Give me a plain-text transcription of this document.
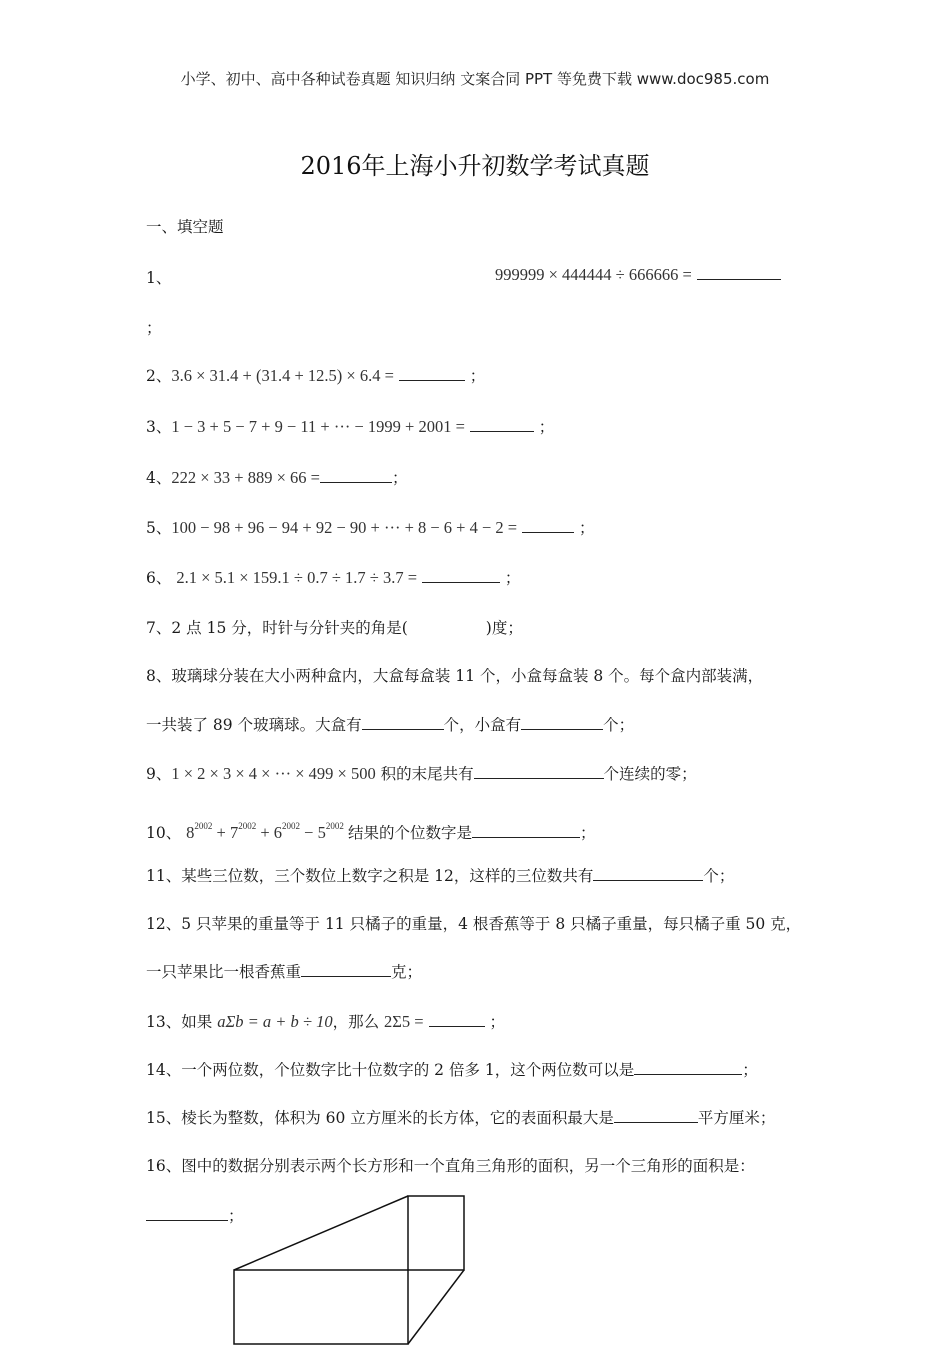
小学、初中、高中各种试卷真题 知识归纳 文案合同 PPT 等免费下载 www.doc985.com
2016年上海小升初数学考试真题
一、填空题
1、	999999 × 444444 ÷ 666666 =
；
2、3.6 × 31.4 + (31.4 + 12.5) × 6.4 =	；
3、1 − 3 + 5 − 7 + 9 − 11 + ··· − 1999 + 2001 =	；
4、222 × 33 + 889 × 66 =	；
5、100 − 98 + 96 − 94 + 92 − 90 + ··· + 8 − 6 + 4 − 2 =	；
6、 2.1 × 5.1 × 159.1 ÷ 0.7 ÷ 1.7 ÷ 3.7 =	；
7、2 点 15 分，时针与分针夹的角是(	)度；
8、玻璃球分装在大小两种盒内，大盒每盒装 11 个，小盒每盒装 8 个。每个盒内部装满，
一共装了 89 个玻璃球。大盒有	个，小盒有	个；
9、1 × 2 × 3 × 4 × ··· × 499 × 500 积的末尾共有	个连续的零；
10、 $8^{2002} + 7^{2002} + 6^{2002} - 5^{2002}$ 结果的个位数字是	；
11、某些三位数，三个数位上数字之积是 12，这样的三位数共有	个；
12、5 只苹果的重量等于 11 只橘子的重量，4 根香蕉等于 8 只橘子重量，每只橘子重 50 克，
一只苹果比一根香蕉重	克；
13、如果 aΣb = a + b ÷ 10，那么 2Σ5 =	；
14、一个两位数，个位数字比十位数字的 2 倍多 1，这个两位数可以是	；
15、棱长为整数，体积为 60 立方厘米的长方体，它的表面积最大是	平方厘米；
16、图中的数据分别表示两个长方形和一个直角三角形的面积，另一个三角形的面积是：
；
